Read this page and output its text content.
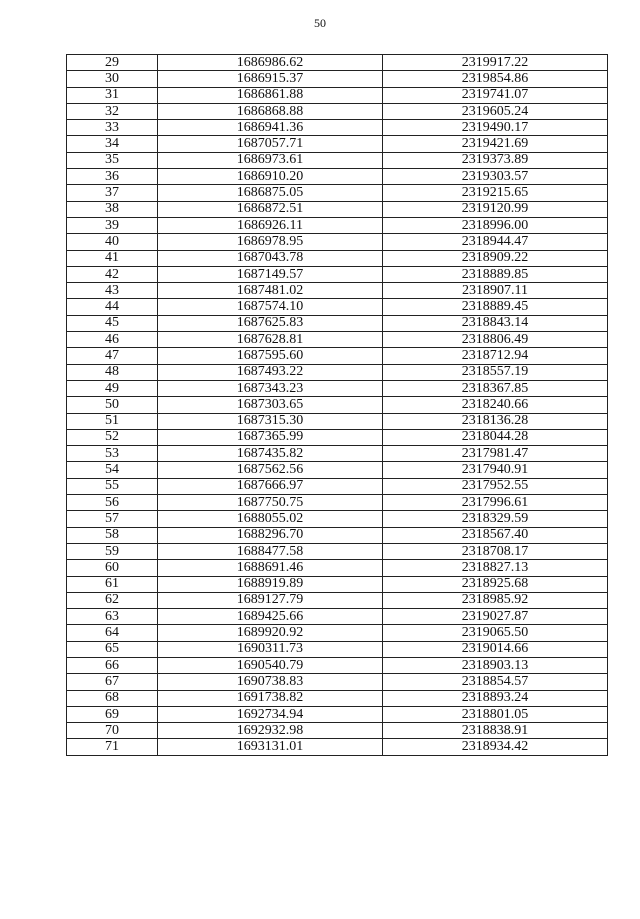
50
29	1686986.62	2319917.22
30	1686915.37	2319854.86
31	1686861.88	2319741.07
32	1686868.88	2319605.24
33	1686941.36	2319490.17
34	1687057.71	2319421.69
35	1686973.61	2319373.89
36	1686910.20	2319303.57
37	1686875.05	2319215.65
38	1686872.51	2319120.99
39	1686926.11	2318996.00
40	1686978.95	2318944.47
41	1687043.78	2318909.22
42	1687149.57	2318889.85
43	1687481.02	2318907.11
44	1687574.10	2318889.45
45	1687625.83	2318843.14
46	1687628.81	2318806.49
47	1687595.60	2318712.94
48	1687493.22	2318557.19
49	1687343.23	2318367.85
50	1687303.65	2318240.66
51	1687315.30	2318136.28
52	1687365.99	2318044.28
53	1687435.82	2317981.47
54	1687562.56	2317940.91
55	1687666.97	2317952.55
56	1687750.75	2317996.61
57	1688055.02	2318329.59
58	1688296.70	2318567.40
59	1688477.58	2318708.17
60	1688691.46	2318827.13
61	1688919.89	2318925.68
62	1689127.79	2318985.92
63	1689425.66	2319027.87
64	1689920.92	2319065.50
65	1690311.73	2319014.66
66	1690540.79	2318903.13
67	1690738.83	2318854.57
68	1691738.82	2318893.24
69	1692734.94	2318801.05
70	1692932.98	2318838.91
71	1693131.01	2318934.42
